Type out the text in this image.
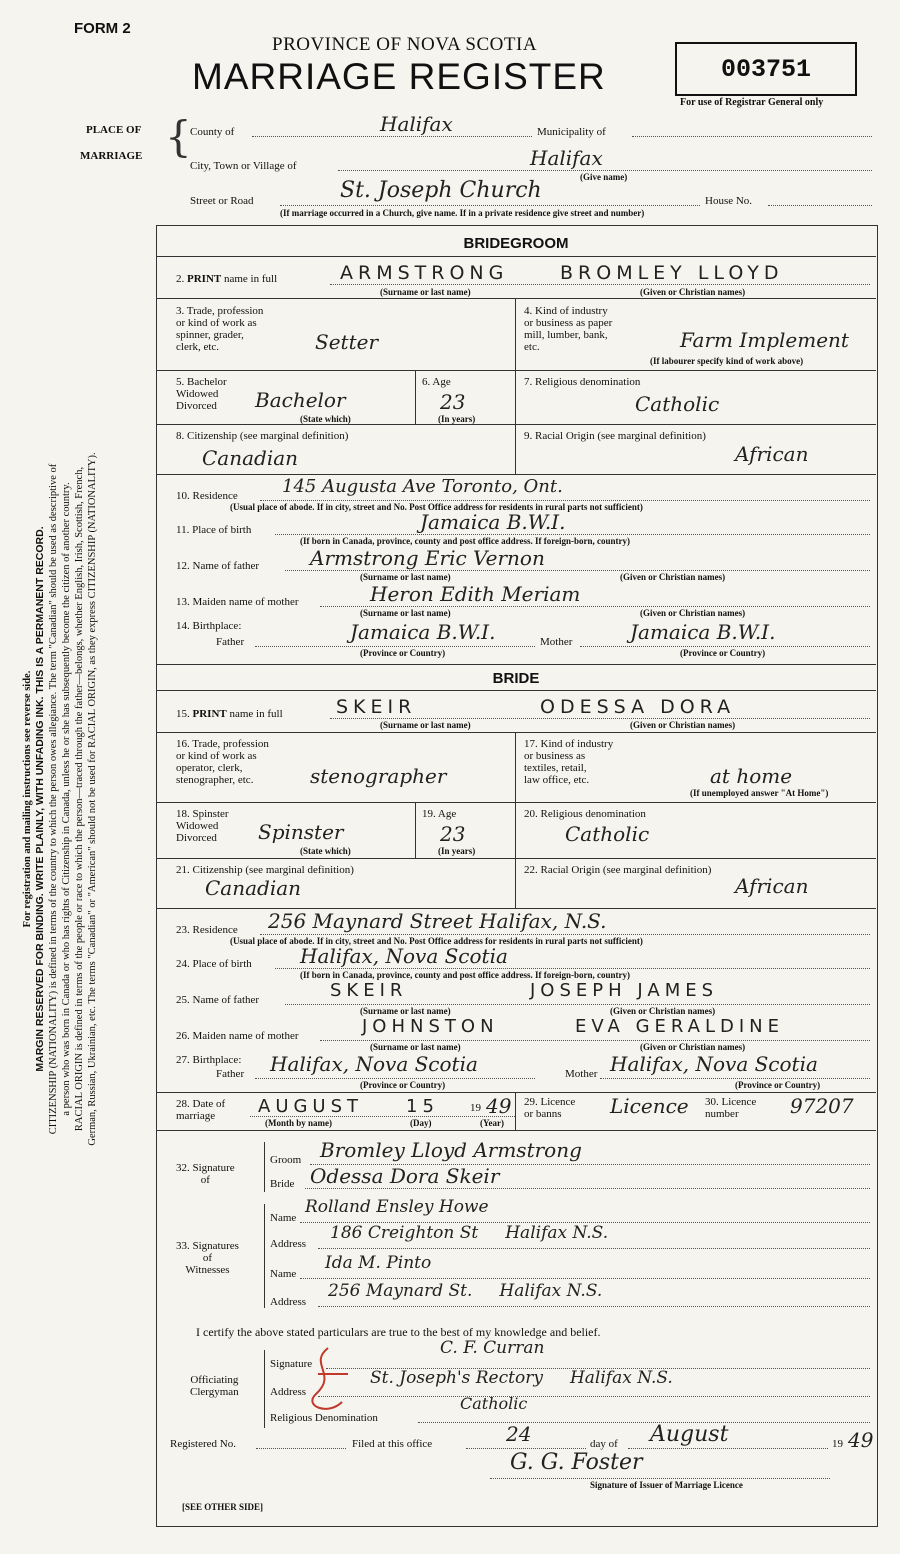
FORM 2
PROVINCE OF NOVA SCOTIA
MARRIAGE REGISTER	003751
For use of Registrar General only
PLACE OF
MARRIAGE {
County of	Halifax	Municipality of
City, Town or Village of	Halifax
(Give name)
Street or Road	St. Joseph Church	House No.
(If marriage occurred in a Church, give name. If in a private residence give street and number)
BRIDEGROOM
2. PRINT name in full	ARMSTRONG	BROMLEY LLOYD
(Surname or last name)	(Given or Christian names)
3. Trade, profession
or kind of work as
spinner, grader,
clerk, etc.	Setter
4. Kind of industry
or business as paper
mill, lumber, bank,
etc.	Farm Implement
(If labourer specify kind of work above)
5. Bachelor
Widowed
Divorced	Bachelor
(State which)
6. Age
23
(In years)
7. Religious denomination
Catholic
8. Citizenship (see marginal definition)
Canadian
9. Racial Origin (see marginal definition)
African
10. Residence 145 Augusta Ave Toronto, Ont.
(Usual place of abode. If in city, street and No. Post Office address for residents in rural parts not sufficient)
11. Place of birth	Jamaica B.W.I.
(If born in Canada, province, county and post office address. If foreign-born, country)
12. Name of father	Armstrong Eric Vernon
(Surname or last name)	(Given or Christian names)
13. Maiden name of mother	Heron Edith Meriam
(Surname or last name)	(Given or Christian names)
14. Birthplace:
Father	Jamaica B.W.I.
(Province or Country)
Mother	Jamaica B.W.I.
(Province or Country)
BRIDE
15. PRINT name in full	SKEIR	ODESSA DORA
(Surname or last name)	(Given or Christian names)
16. Trade, profession
or kind of work as
operator, clerk,
stenographer, etc.	stenographer
17. Kind of industry
or business as
textiles, retail,
law office, etc.	at home
(If unemployed answer "At Home")
18. Spinster
Widowed
Divorced	Spinster
(State which)
19. Age
23
(In years)
20. Religious denomination
Catholic
21. Citizenship (see marginal definition)
Canadian
22. Racial Origin (see marginal definition)
African
23. Residence 256 Maynard Street Halifax, N.S.
(Usual place of abode. If in city, street and No. Post Office address for residents in rural parts not sufficient)
24. Place of birth Halifax, Nova Scotia
(If born in Canada, province, county and post office address. If foreign-born, country)
25. Name of father	SKEIR	JOSEPH JAMES
(Surname or last name)	(Given or Christian names)
26. Maiden name of mother	JOHNSTON	EVA GERALDINE
(Surname or last name)	(Given or Christian names)
27. Birthplace:
Father Halifax, Nova Scotia
(Province or Country)
Mother Halifax, Nova Scotia
(Province or Country)
28. Date of
marriage	AUGUST 15	19 49
(Month by name)	(Day)	(Year)
29. Licence
or banns	Licence 30. Licence
number	97207
32. Signature
of
Groom Bromley Lloyd Armstrong
Bride Odessa Dora Skeir
33. Signatures
of
Witnesses
Name
Rolland Ensley Howe
Address
186 Creighton St     Halifax N.S.
Name
Ida M. Pinto
Address
256 Maynard St.     Halifax N.S.
I certify the above stated particulars are true to the best of my knowledge and belief.
Officiating
Clergyman
Signature
C. F. Curran
Address
St. Joseph's Rectory     Halifax N.S.
Religious Denomination
Catholic
Registered No.	Filed at this office	24	day of August	19 49
G. G. Foster
Signature of Issuer of Marriage Licence
[SEE OTHER SIDE]

For registration and mailing instructions see reverse side. MARGIN RESERVED FOR BINDING. WRITE PLAINLY, WITH UNFADING INK. THIS IS A PERMANENT RECORD. CITIZENSHIP (NATIONALITY) is defined in terms of the country to which the person owes allegiance. The term "Canadian" should be used as descriptive of a person who was born in Canada or who has rights of Citizenship in Canada, unless he or she has subsequently become the citizen of another country. RACIAL ORIGIN is defined in terms of the people or race to which the person—traced through the father—belongs, whether English, Irish, Scottish, French, German, Russian, Ukrainian, etc. The terms "Canadian" or "American" should not be used for RACIAL ORIGIN, as they express CITIZENSHIP (NATIONALITY).
